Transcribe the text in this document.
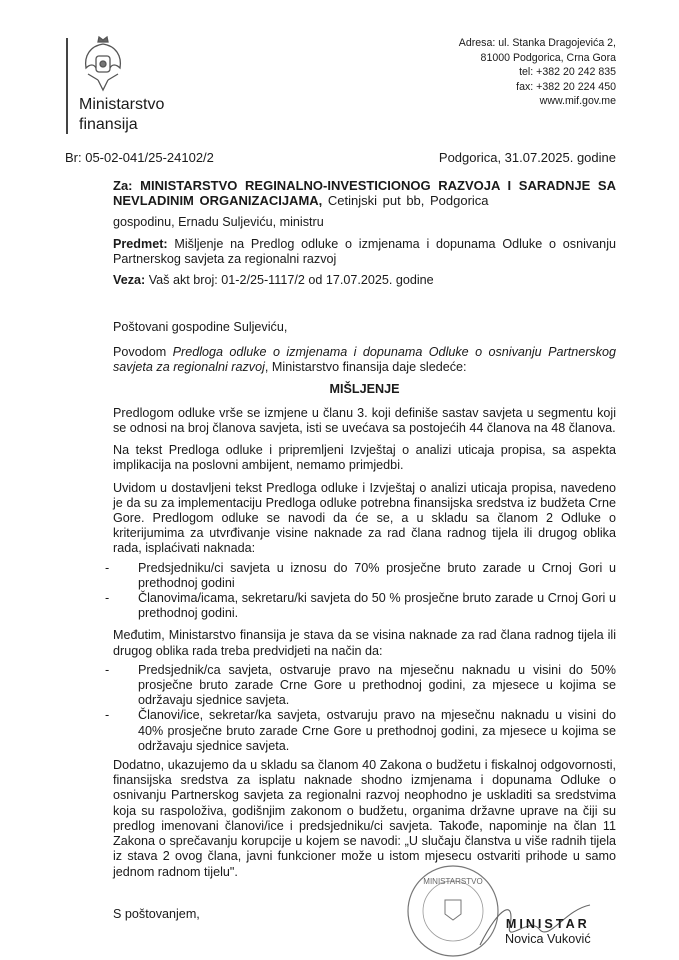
Ministarstvo
finansija
Adresa: ul. Stanka Dragojevića 2,
81000 Podgorica, Crna Gora
tel: +382 20 242 835
fax: +382 20 224 450
www.mif.gov.me
Br: 05-02-041/25-24102/2	Podgorica, 31.07.2025. godine

Za: MINISTARSTVO REGINALNO-INVESTICIONOG RAZVOJA I SARADNJE SA NEVLADINIM ORGANIZACIJAMA, Cetinjski put bb, Podgorica

gospodinu, Ernadu Suljeviću, ministru

Predmet: Mišljenje na Predlog odluke o izmjenama i dopunama Odluke o osnivanju Partnerskog savjeta za regionalni razvoj

Veza: Vaš akt broj: 01-2/25-1117/2 od 17.07.2025. godine

Poštovani gospodine Suljeviću,

Povodom Predloga odluke o izmjenama i dopunama Odluke o osnivanju Partnerskog savjeta za regionalni razvoj, Ministarstvo finansija daje sledeće:

MIŠLJENJE

Predlogom odluke vrše se izmjene u članu 3. koji definiše sastav savjeta u segmentu koji se odnosi na broj članova savjeta, isti se uvećava sa postojećih 44 članova na 48 članova.

Na tekst Predloga odluke i pripremljeni Izvještaj o analizi uticaja propisa, sa aspekta implikacija na poslovni ambijent, nemamo primjedbi.

Uvidom u dostavljeni tekst Predloga odluke i Izvještaj o analizi uticaja propisa, navedeno je da su za implementaciju Predloga odluke potrebna finansijska sredstva iz budžeta Crne Gore. Predlogom odluke se navodi da će se, a u skladu sa članom 2 Odluke o kriterijumima za utvrđivanje visine naknade za rad člana radnog tijela ili drugog oblika rada, isplaćivati naknada:

- Predsjedniku/ci savjeta u iznosu do 70% prosječne bruto zarade u Crnoj Gori u prethodnoj godini
- Članovima/icama, sekretaru/ki savjeta do 50 % prosječne bruto zarade u Crnoj Gori u prethodnoj godini.

Međutim, Ministarstvo finansija je stava da se visina naknade za rad člana radnog tijela ili drugog oblika rada treba predvidjeti na način da:

- Predsjednik/ca savjeta, ostvaruje pravo na mjesečnu naknadu u visini do 50% prosječne bruto zarade Crne Gore u prethodnoj godini, za mjesece u kojima se održavaju sjednice savjeta.
- Članovi/ice, sekretar/ka savjeta, ostvaruju pravo na mjesečnu naknadu u visini do 40% prosječne bruto zarade Crne Gore u prethodnoj godini, za mjesece u kojima se održavaju sjednice savjeta.

Dodatno, ukazujemo da u skladu sa članom 40 Zakona o budžetu i fiskalnoj odgovornosti, finansijska sredstva za isplatu naknade shodno izmjenama i dopunama Odluke o osnivanju Partnerskog savjeta za regionalni razvoj neophodno je uskladiti sa sredstvima koja su raspoloživa, godišnjim zakonom o budžetu, organima državne uprave na čiji su predlog imenovani članovi/ice i predsjedniku/ci savjeta. Takođe, napominje na član 11 Zakona o sprečavanju korupcije u kojem se navodi: „U slučaju članstva u više radnih tijela iz stava 2 ovog člana, javni funkcioner može u istom mjesecu ostvariti prihode u samo jednom radnom tijelu".

S poštovanjem,
MINISTARSTVO
MINISTAR
Novica Vuković
